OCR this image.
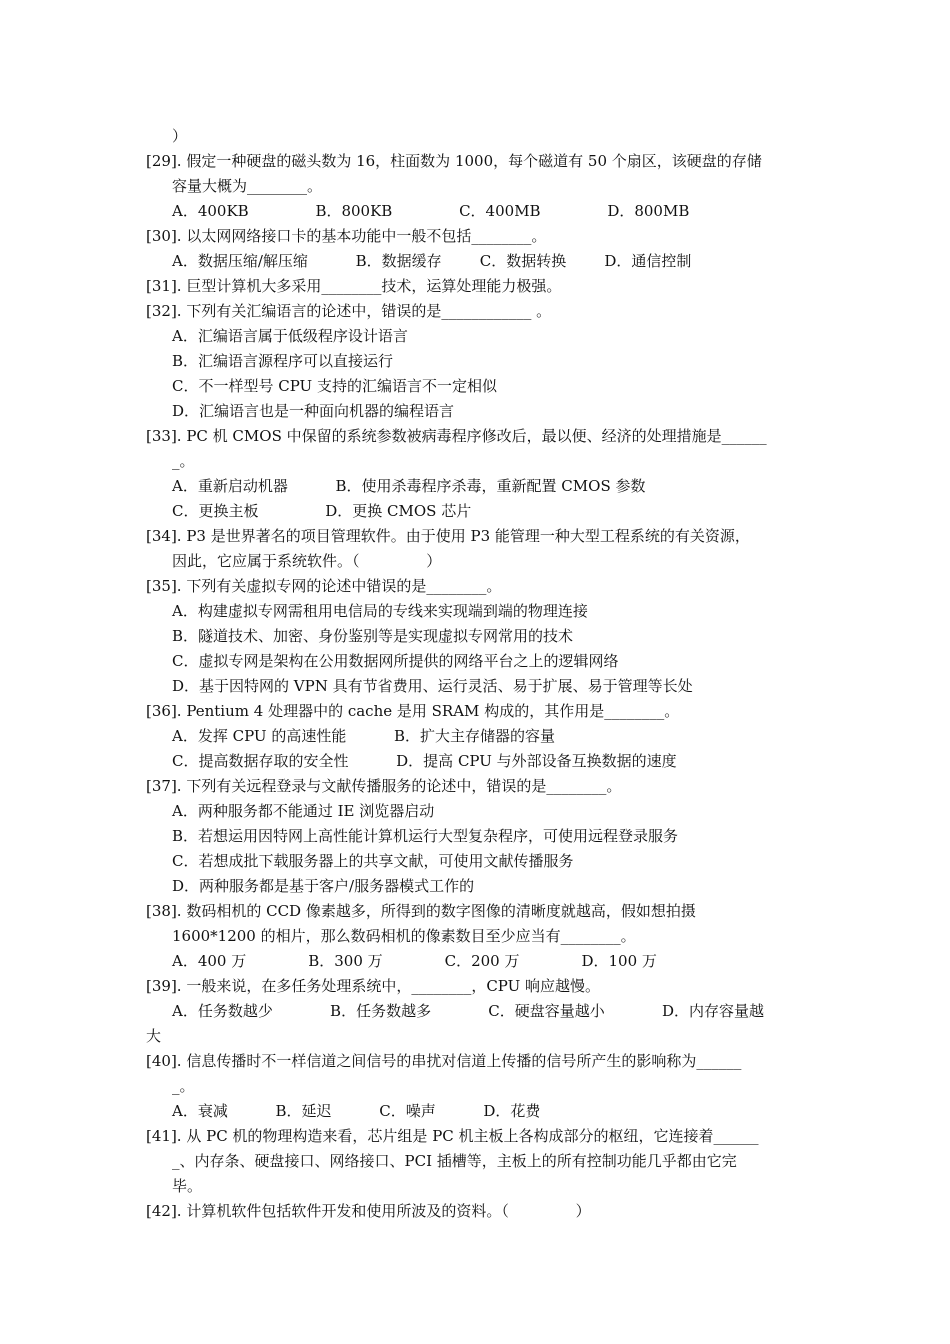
）
[29]. 假定一种硬盘的磁头数为 16，柱面数为 1000，每个磁道有 50 个扇区，该硬盘的存储
容量大概为________。
A．400KB              B．800KB              C．400MB              D．800MB
[30]. 以太网网络接口卡的基本功能中一般不包括________。
A．数据压缩/解压缩          B．数据缓存        C．数据转换        D．通信控制
[31]. 巨型计算机大多采用________技术，运算处理能力极强。
[32]. 下列有关汇编语言的论述中，错误的是____________ 。
A．汇编语言属于低级程序设计语言
B．汇编语言源程序可以直接运行
C．不一样型号 CPU 支持的汇编语言不一定相似
D．汇编语言也是一种面向机器的编程语言
[33]. PC 机 CMOS 中保留的系统参数被病毒程序修改后，最以便、经济的处理措施是______
_。
A．重新启动机器          B．使用杀毒程序杀毒，重新配置 CMOS 参数
C．更换主板              D．更换 CMOS 芯片
[34]. P3 是世界著名的项目管理软件。由于使用 P3 能管理一种大型工程系统的有关资源，
因此，它应属于系统软件。（              ）
[35]. 下列有关虚拟专网的论述中错误的是________。
A．构建虚拟专网需租用电信局的专线来实现端到端的物理连接
B．隧道技术、加密、身份鉴别等是实现虚拟专网常用的技术
C．虚拟专网是架构在公用数据网所提供的网络平台之上的逻辑网络
D．基于因特网的 VPN 具有节省费用、运行灵活、易于扩展、易于管理等长处
[36]. Pentium 4 处理器中的 cache 是用 SRAM 构成的，其作用是________。
A．发挥 CPU 的高速性能          B．扩大主存储器的容量
C．提高数据存取的安全性          D．提高 CPU 与外部设备互换数据的速度
[37]. 下列有关远程登录与文献传播服务的论述中，错误的是________。
A．两种服务都不能通过 IE 浏览器启动
B．若想运用因特网上高性能计算机运行大型复杂程序，可使用远程登录服务
C．若想成批下载服务器上的共享文献，可使用文献传播服务
D．两种服务都是基于客户/服务器模式工作的
[38]. 数码相机的 CCD 像素越多，所得到的数字图像的清晰度就越高，假如想拍摄
1600*1200 的相片，那么数码相机的像素数目至少应当有________。
A．400 万             B．300 万             C．200 万             D．100 万
[39]. 一般来说，在多任务处理系统中，________，CPU 响应越慢。
A．任务数越少            B．任务数越多            C．硬盘容量越小            D．内存容量越
大
[40]. 信息传播时不一样信道之间信号的串扰对信道上传播的信号所产生的影响称为______
_。
A．衰减          B．延迟          C．噪声          D．花费
[41]. 从 PC 机的物理构造来看，芯片组是 PC 机主板上各构成部分的枢纽，它连接着______
_、内存条、硬盘接口、网络接口、PCI 插槽等，主板上的所有控制功能几乎都由它完
毕。
[42]. 计算机软件包括软件开发和使用所波及的资料。（              ）
